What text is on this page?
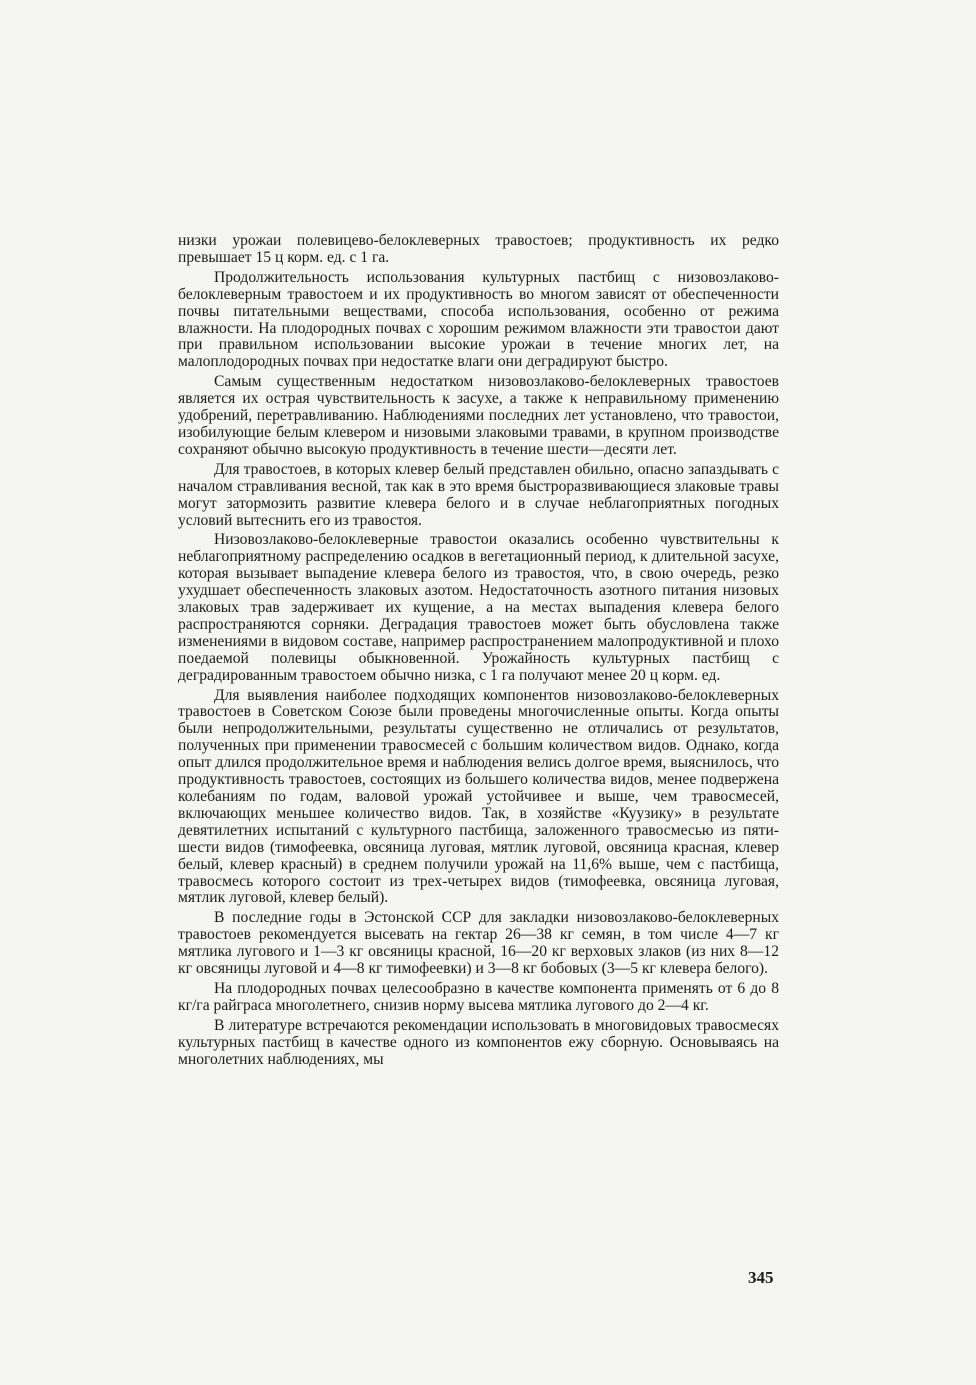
низки урожаи полевицево-белоклеверных травостоев; продуктивность их редко превышает 15 ц корм. ед. с 1 га.

Продолжительность использования культурных пастбищ с низовозлаково-белоклеверным травостоем и их продуктивность во многом зависят от обеспеченности почвы питательными веществами, способа использования, особенно от режима влажности. На плодородных почвах с хорошим режимом влажности эти травостои дают при правильном использовании высокие урожаи в течение многих лет, на малоплодородных почвах при недостатке влаги они деградируют быстро.

Самым существенным недостатком низовозлаково-белоклеверных травостоев является их острая чувствительность к засухе, а также к неправильному применению удобрений, перетравливанию. Наблюдениями последних лет установлено, что травостои, изобилующие белым клевером и низовыми злаковыми травами, в крупном производстве сохраняют обычно высокую продуктивность в течение шести—десяти лет.

Для травостоев, в которых клевер белый представлен обильно, опасно запаздывать с началом стравливания весной, так как в это время быстроразвивающиеся злаковые травы могут затормозить развитие клевера белого и в случае неблагоприятных погодных условий вытеснить его из травостоя.

Низовозлаково-белоклеверные травостои оказались особенно чувствительны к неблагоприятному распределению осадков в вегетационный период, к длительной засухе, которая вызывает выпадение клевера белого из травостоя, что, в свою очередь, резко ухудшает обеспеченность злаковых азотом. Недостаточность азотного питания низовых злаковых трав задерживает их кущение, а на местах выпадения клевера белого распространяются сорняки. Деградация травостоев может быть обусловлена также изменениями в видовом составе, например распространением малопродуктивной и плохо поедаемой полевицы обыкновенной. Урожайность культурных пастбищ с деградированным травостоем обычно низка, с 1 га получают менее 20 ц корм. ед.

Для выявления наиболее подходящих компонентов низовозлаково-белоклеверных травостоев в Советском Союзе были проведены многочисленные опыты. Когда опыты были непродолжительными, результаты существенно не отличались от результатов, полученных при применении травосмесей с большим количеством видов. Однако, когда опыт длился продолжительное время и наблюдения велись долгое время, выяснилось, что продуктивность травостоев, состоящих из большего количества видов, менее подвержена колебаниям по годам, валовой урожай устойчивее и выше, чем травосмесей, включающих меньшее количество видов. Так, в хозяйстве «Куузику» в результате девятилетних испытаний с культурного пастбища, заложенного травосмесью из пяти-шести видов (тимофеевка, овсяница луговая, мятлик луговой, овсяница красная, клевер белый, клевер красный) в среднем получили урожай на 11,6% выше, чем с пастбища, травосмесь которого состоит из трех-четырех видов (тимофеевка, овсяница луговая, мятлик луговой, клевер белый).

В последние годы в Эстонской ССР для закладки низовозлаково-белоклеверных травостоев рекомендуется высевать на гектар 26—38 кг семян, в том числе 4—7 кг мятлика лугового и 1—3 кг овсяницы красной, 16—20 кг верховых злаков (из них 8—12 кг овсяницы луговой и 4—8 кг тимофеевки) и 3—8 кг бобовых (3—5 кг клевера белого).

На плодородных почвах целесообразно в качестве компонента применять от 6 до 8 кг/га райграса многолетнего, снизив норму высева мятлика лугового до 2—4 кг.

В литературе встречаются рекомендации использовать в многовидовых травосмесях культурных пастбищ в качестве одного из компонентов ежу сборную. Основываясь на многолетних наблюдениях, мы

345
